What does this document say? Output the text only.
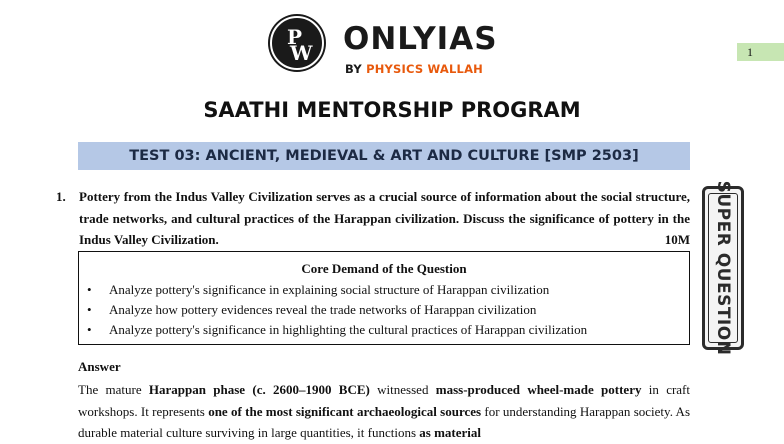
P
W ONLYIAS
BY PHYSICS WALLAH
1
SAATHI MENTORSHIP PROGRAM
TEST 03: ANCIENT, MEDIEVAL & ART AND CULTURE [SMP 2503]
1. Pottery from the Indus Valley Civilization serves as a crucial source of information about the social structure, trade networks, and cultural practices of the Harappan civilization. Discuss the significance of pottery in the Indus Valley Civilization.	10M SUPER QUESTION
Core Demand of the Question
• Analyze pottery's significance in explaining social structure of Harappan civilization
• Analyze how pottery evidences reveal the trade networks of Harappan civilization
• Analyze pottery's significance in highlighting the cultural practices of Harappan civilization
Answer
The mature Harappan phase (c. 2600–1900 BCE) witnessed mass-produced wheel-made pottery in craft workshops. It represents one of the most significant archaeological sources for understanding Harappan society. As durable material culture surviving in large quantities, it functions as material
